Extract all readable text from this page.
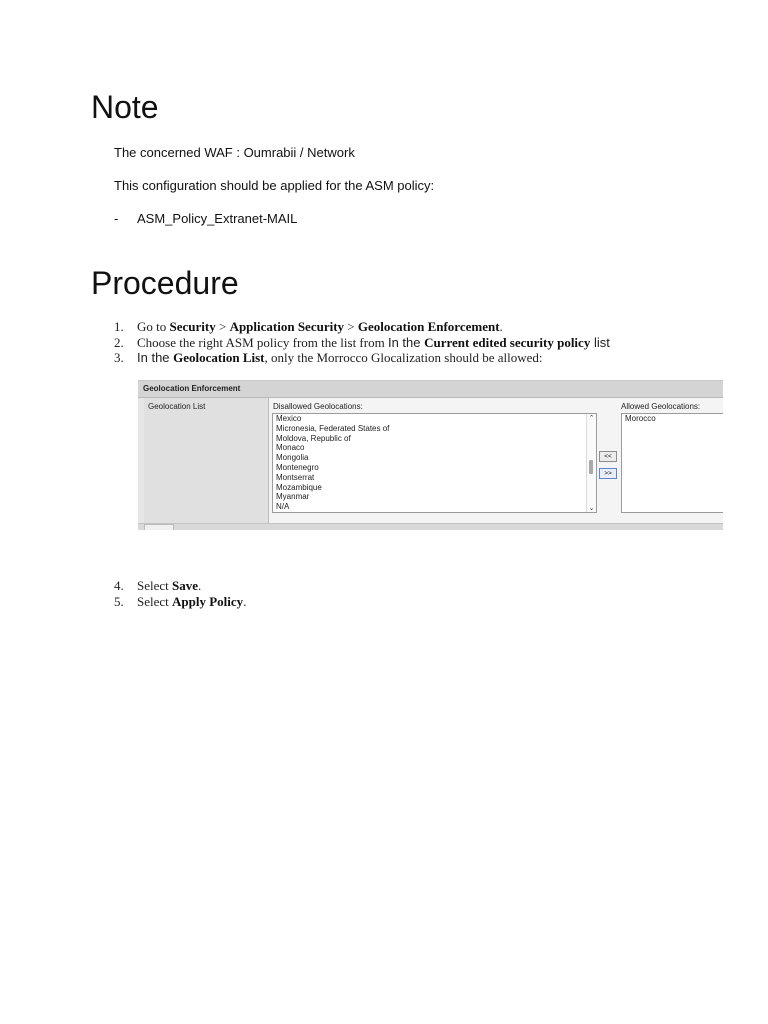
Note

The concerned WAF : Oumrabii / Network

This configuration should be applied for the ASM policy:

- ASM_Policy_Extranet-MAIL
Procedure
1. Go to Security > Application Security > Geolocation Enforcement.
2. Choose the right ASM policy from the list from In the Current edited security policy list
3. In the Geolocation List, only the Morrocco Glocalization should be allowed:
Geolocation Enforcement
Geolocation List	Disallowed Geolocations:	Allowed Geolocations:
Mexico
Micronesia, Federated States of
Moldova, Republic of
Monaco
Mongolia
Montenegro
Montserrat
Mozambique
Myanmar
N/A
⌃
⌄
<<
>>
Morocco
4. Select Save.
5. Select Apply Policy.
